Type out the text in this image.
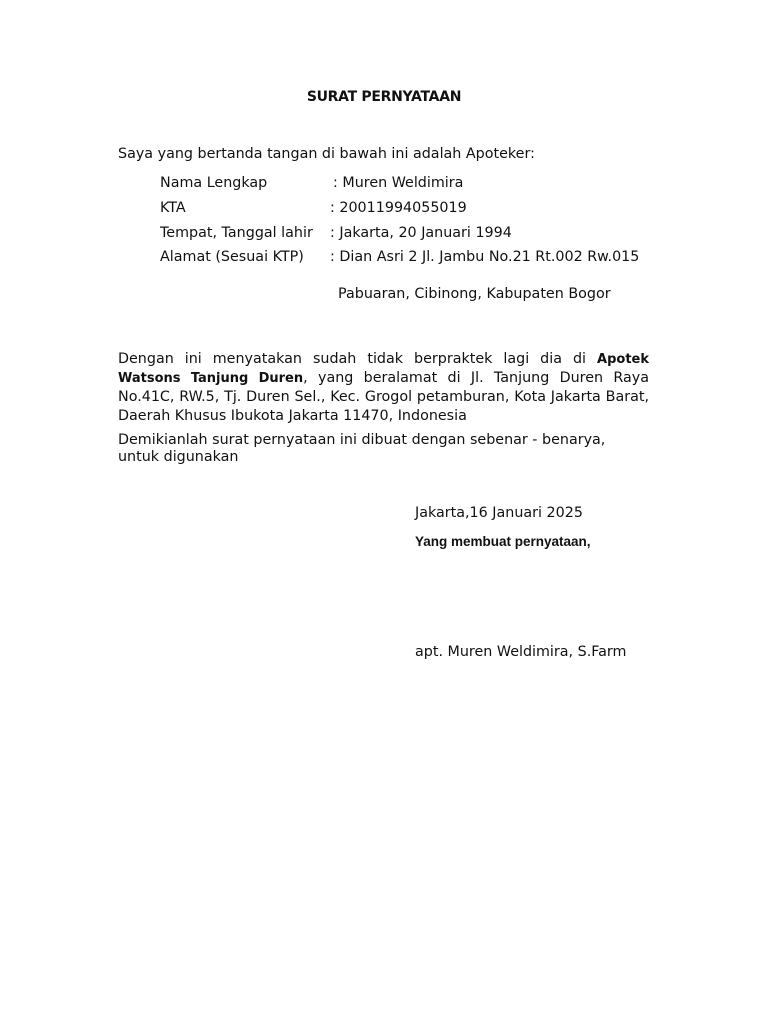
SURAT PERNYATAAN
Saya yang bertanda tangan di bawah ini adalah Apoteker:
Nama Lengkap	: Muren Weldimira
KTA	: 20011994055019
Tempat, Tanggal lahir : Jakarta, 20 Januari 1994
Alamat (Sesuai KTP) : Dian Asri 2 Jl. Jambu No.21 Rt.002 Rw.015
Pabuaran, Cibinong, Kabupaten Bogor
Dengan ini menyatakan sudah tidak berpraktek lagi dia di Apotek Watsons Tanjung Duren, yang beralamat di Jl. Tanjung Duren Raya No.41C, RW.5, Tj. Duren Sel., Kec. Grogol petamburan, Kota Jakarta Barat, Daerah Khusus Ibukota Jakarta 11470, Indonesia
Demikianlah surat pernyataan ini dibuat dengan sebenar - benarya, untuk digunakan
Jakarta,16 Januari 2025
Yang membuat pernyataan,
apt. Muren Weldimira, S.Farm
